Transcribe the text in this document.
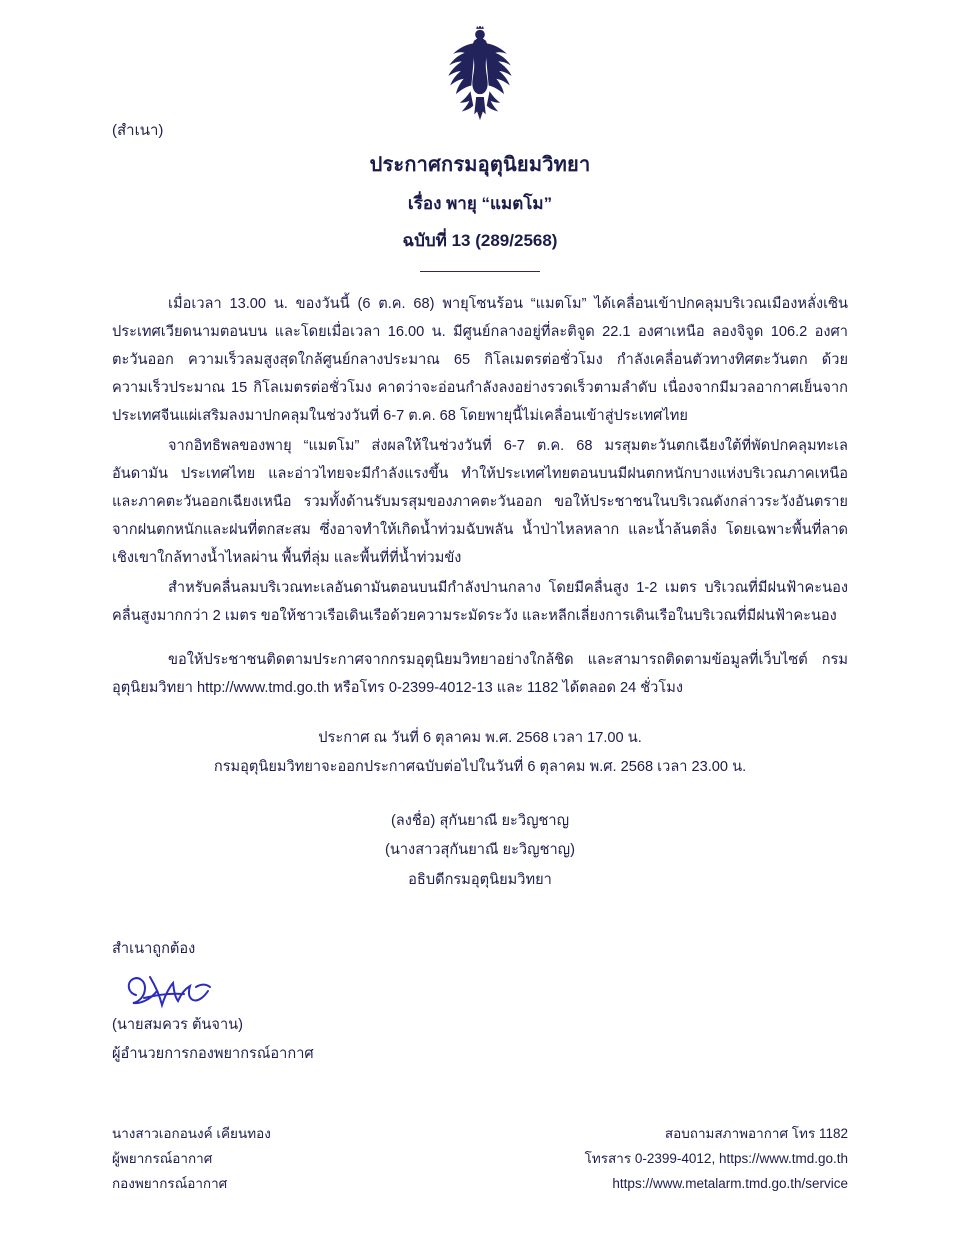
(สำเนา)
ประกาศกรมอุตุนิยมวิทยา
เรื่อง พายุ “แมตโม”
ฉบับที่ 13 (289/2568)

เมื่อเวลา 13.00 น. ของวันนี้ (6 ต.ค. 68) พายุโซนร้อน “แมตโม” ได้เคลื่อนเข้าปกคลุมบริเวณเมืองหลั่งเซิน ประเทศเวียดนามตอนบน และโดยเมื่อเวลา 16.00 น. มีศูนย์กลางอยู่ที่ละติจูด 22.1 องศาเหนือ ลองจิจูด 106.2 องศาตะวันออก ความเร็วลมสูงสุดใกล้ศูนย์กลางประมาณ 65 กิโลเมตรต่อชั่วโมง กำลังเคลื่อนตัวทางทิศตะวันตก ด้วยความเร็วประมาณ 15 กิโลเมตรต่อชั่วโมง คาดว่าจะอ่อนกำลังลงอย่างรวดเร็วตามลำดับ เนื่องจากมีมวลอากาศเย็นจากประเทศจีนแผ่เสริมลงมาปกคลุมในช่วงวันที่ 6-7 ต.ค. 68 โดยพายุนี้ไม่เคลื่อนเข้าสู่ประเทศไทย

จากอิทธิพลของพายุ “แมตโม” ส่งผลให้ในช่วงวันที่ 6-7 ต.ค. 68 มรสุมตะวันตกเฉียงใต้ที่พัดปกคลุมทะเลอันดามัน ประเทศไทย และอ่าวไทยจะมีกำลังแรงขึ้น ทำให้ประเทศไทยตอนบนมีฝนตกหนักบางแห่งบริเวณภาคเหนือ และภาคตะวันออกเฉียงเหนือ รวมทั้งด้านรับมรสุมของภาคตะวันออก ขอให้ประชาชนในบริเวณดังกล่าวระวังอันตรายจากฝนตกหนักและฝนที่ตกสะสม ซึ่งอาจทำให้เกิดน้ำท่วมฉับพลัน น้ำป่าไหลหลาก และน้ำล้นตลิ่ง โดยเฉพาะพื้นที่ลาดเชิงเขาใกล้ทางน้ำไหลผ่าน พื้นที่ลุ่ม และพื้นที่ที่น้ำท่วมขัง

สำหรับคลื่นลมบริเวณทะเลอันดามันตอนบนมีกำลังปานกลาง โดยมีคลื่นสูง 1-2 เมตร บริเวณที่มีฝนฟ้าคะนองคลื่นสูงมากกว่า 2 เมตร ขอให้ชาวเรือเดินเรือด้วยความระมัดระวัง และหลีกเลี่ยงการเดินเรือในบริเวณที่มีฝนฟ้าคะนอง

ขอให้ประชาชนติดตามประกาศจากกรมอุตุนิยมวิทยาอย่างใกล้ชิด และสามารถติดตามข้อมูลที่เว็บไซต์ กรมอุตุนิยมวิทยา http://www.tmd.go.th หรือโทร 0-2399-4012-13 และ 1182 ได้ตลอด 24 ชั่วโมง

ประกาศ ณ วันที่ 6 ตุลาคม พ.ศ. 2568 เวลา 17.00 น.
กรมอุตุนิยมวิทยาจะออกประกาศฉบับต่อไปในวันที่ 6 ตุลาคม พ.ศ. 2568 เวลา 23.00 น.
(ลงชื่อ) สุกันยาณี ยะวิญชาญ
(นางสาวสุกันยาณี ยะวิญชาญ)
อธิบดีกรมอุตุนิยมวิทยา
สำเนาถูกต้อง
(นายสมควร ต้นจาน)
ผู้อำนวยการกองพยากรณ์อากาศ
นางสาวเอกอนงค์ เคียนทอง
ผู้พยากรณ์อากาศ
กองพยากรณ์อากาศ
สอบถามสภาพอากาศ โทร 1182
โทรสาร 0-2399-4012, https://www.tmd.go.th
https://www.metalarm.tmd.go.th/service
